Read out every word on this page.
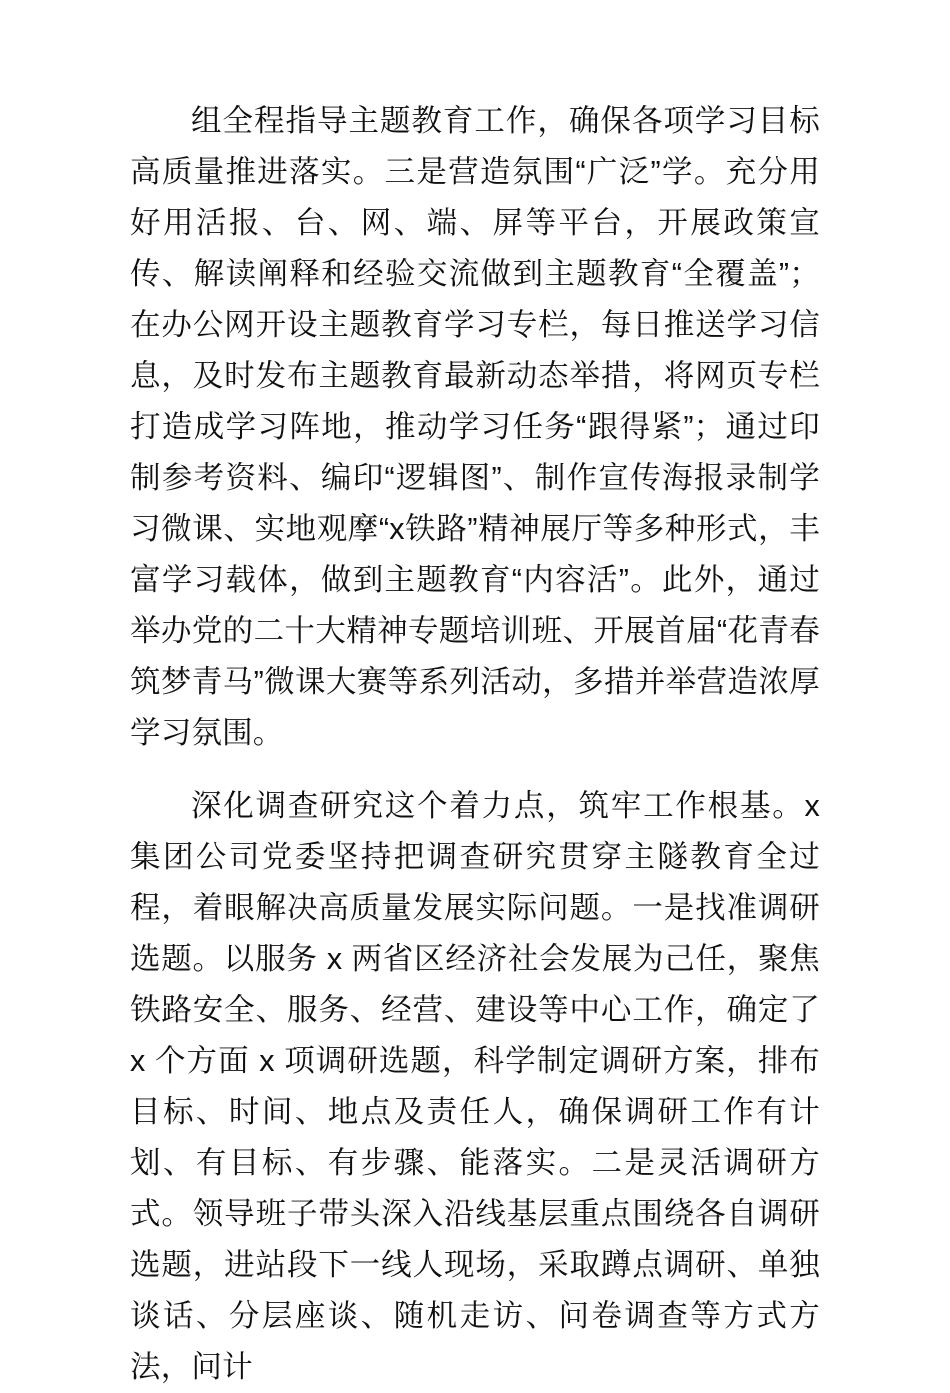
组全程指导主题教育工作，确保各项学习目标高质量推进落实。三是营造氛围“广泛”学。充分用好用活报、台、网、端、屏等平台，开展政策宣传、解读阐释和经验交流做到主题教育“全覆盖”；在办公网开设主题教育学习专栏，每日推送学习信息，及时发布主题教育最新动态举措，将网页专栏打造成学习阵地，推动学习任务“跟得紧”；通过印制参考资料、编印“逻辑图”、制作宣传海报录制学习微课、实地观摩“x铁路”精神展厅等多种形式，丰富学习载体，做到主题教育“内容活”。此外，通过举办党的二十大精神专题培训班、开展首届“花青春筑梦青马”微课大赛等系列活动，多措并举营造浓厚学习氛围。

深化调查研究这个着力点，筑牢工作根基。x 集团公司党委坚持把调查研究贯穿主隧教育全过程，着眼解决高质量发展实际问题。一是找准调研选题。以服务 x 两省区经济社会发展为己任，聚焦铁路安全、服务、经营、建设等中心工作，确定了 x 个方面 x 项调研选题，科学制定调研方案，排布目标、时间、地点及责任人，确保调研工作有计划、有目标、有步骤、能落实。二是灵活调研方式。领导班子带头深入沿线基层重点围绕各自调研选题，进站段下一线人现场，采取蹲点调研、单独谈话、分层座谈、随机走访、问卷调查等方式方法，问计
